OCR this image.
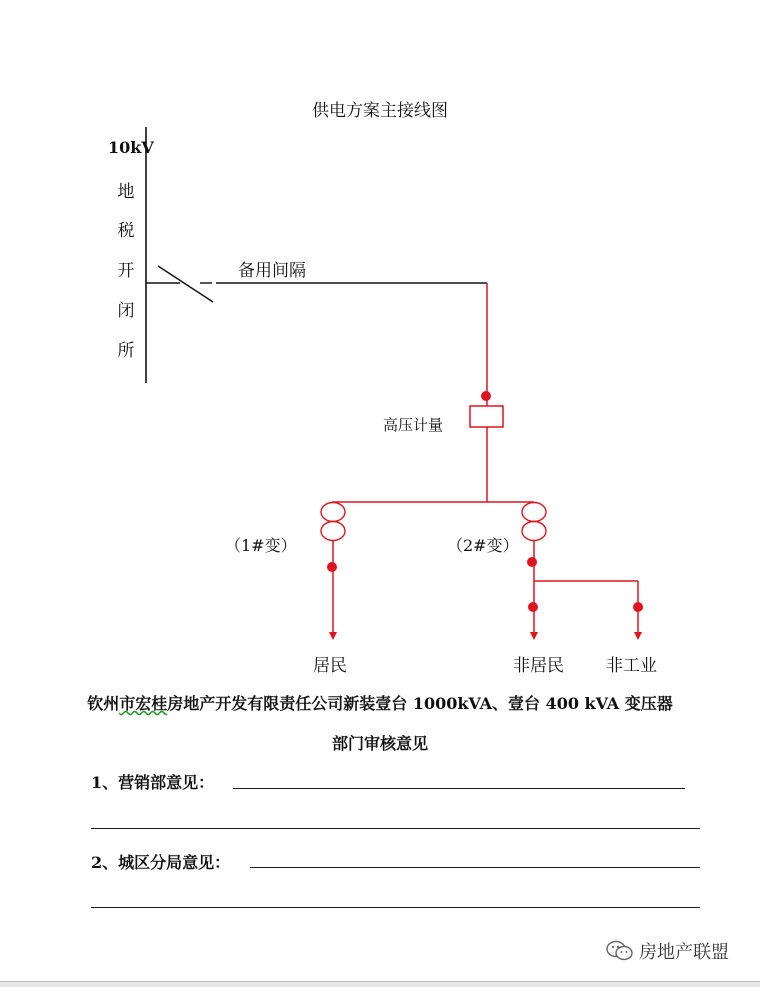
供电方案主接线图
10kV
地
税
开
闭
所
备用间隔
高压计量
（1#变）	（2#变）
居民	非居民 非工业
钦州市宏桂房地产开发有限责任公司新装壹台 1000kVA、壹台 400 kVA 变压器
部门审核意见
1、营销部意见：
2、城区分局意见：
房地产联盟
